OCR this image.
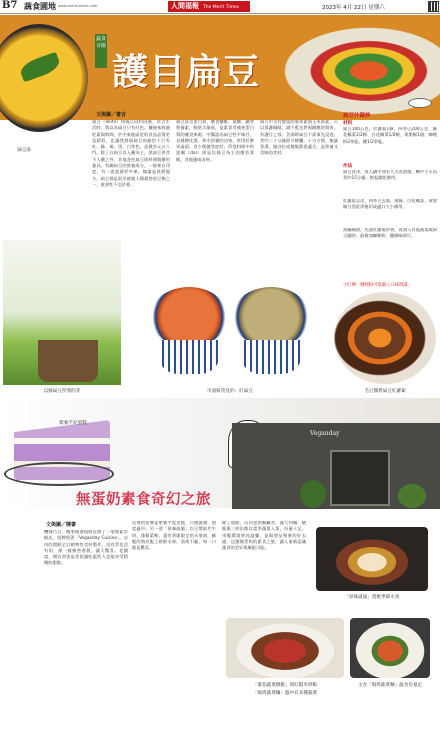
B7 蔬食園地 www.merit-times.com	人間福報 The Merit Times	2023年 4月 22日 星期六
扁豆湯
蔬食百匯
護目扁豆
文與圖／書言
扁豆（lentil）和豌豆同科同族，於古生活時，我以為扁豆只有紅色。據後來經過吃素與時間，於中東地區吃的食品品質更爲精彩，也讓我發現扁豆的顏色不只有紅、綠、褐、黑、白等色，品種多元五八門。除了白扁豆以入藥為主，黑扁豆供食不入藥之外，其他各色扁豆則料理與藥用兼具。有關扁豆的營養成分，一般來自印度，有一說起源於中東，無論是甚麼地方，扁豆都是很早就被人類栽培的豆類之一，重要性不亞於麥。
扁豆富含蛋白質、膳食纖維、葉酸、鐵等營養素，脂肪含量低，是素食者補充蛋白質的優良來源。中醫認為扁豆性平味甘，具健脾化濕、和中消暑的功效，常用於脾胃虛弱、食少便溏等症狀。印度料理中的達爾（dal）即是以扁豆為主的燉煮菜餚，各地風味各異。
扁豆中含有豐富的葉黃素與玉米黃素，可以保護眼睛，減少藍光對視網膜的傷害，有護目之效。烹調時扁豆不需事先浸泡，煮約二十分鐘即可軟爛，十分方便。無論煮湯、做沙拉或燉飯都很適合，是營養又美味的食材。
扁豆什錦炒
材料
扁豆100公克、紅蘿蔔1條、四季豆200公克、綠花椰菜1/2顆、白花椰菜1/2顆、黃甜椒1個、咖哩粉2茶匙、鹽1/2茶匙。
作法
扁豆洗淨，放入鍋中加水大火煮滾後，轉中小火再煮約15分鐘，撈起瀝乾備用。
紅蘿蔔去皮，四季豆去筋，與綠、白花椰菜、黃甜椒分別洗淨後切成適口大小備用。
油鍋燒熱，先放紅蘿蔔炒香，再加入其他蔬菜與扁豆翻炒，最後加咖哩粉、鹽調味即可。
小叮嚀：咖哩粉可依個人口味增減。
以綠扁豆所發的芽	市面較常見的：紅扁豆	毛豆醬烤扁豆紅蘿蔔
紫薯芋泥蛋糕
Veganday
無蛋奶素食奇幻之旅
文與圖／陳書
機緣巧合，搬家後發現附近開了一家純素蛋糕店，招牌寫著「Veganday Cuisine」。店內的甜點全以植物性食材製作，沒有蛋也沒有奶，卻一樣綿密香甜，讓人驚喜。老闆說，開店初衷是希望讓吃素的人也能享受精緻的甜點。
店裡的招牌是紫薯芋泥蛋糕，口感濕潤，甜度適中。另一道「原味戚風」以豆漿取代牛奶，蓬鬆柔軟。還有季節限定的水果塔，酥脆的塔皮配上新鮮水果，清爽不膩，每一口都是驚喜。
除了甜點，店內也供應鹹食，義大利麵、燉飯與三明治都以當季蔬菜入菜，份量十足。用餐環境明亮溫馨，是與朋友聚會的好去處。這趟無蛋奶的素食之旅，讓人重新認識蔬食的美好與無限可能。
「原味戚風」搭配季節水果
「番茄蔬菜燉飯」與紅糙米炒飯	主食「焗烤蔬菜麵」蔬食份量足
「焗烤蔬菜麵」盤中有多種蔬菜
